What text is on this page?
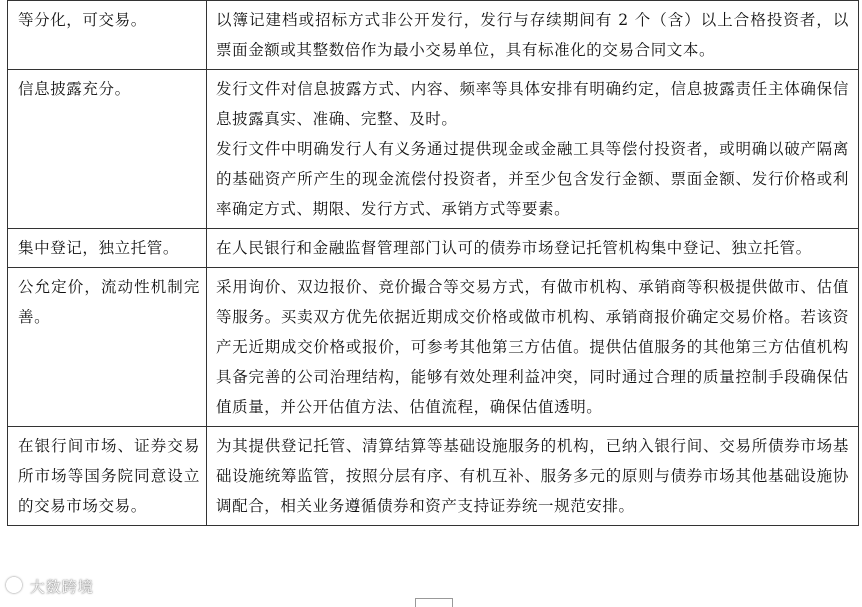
等分化，可交易。	以簿记建档或招标方式非公开发行，发行与存续期间有 2 个（含）以上合格投资者，以票面金额或其整数倍作为最小交易单位，具有标准化的交易合同文本。

信息披露充分。	发行文件对信息披露方式、内容、频率等具体安排有明确约定，信息披露责任主体确保信息披露真实、准确、完整、及时。

发行文件中明确发行人有义务通过提供现金或金融工具等偿付投资者，或明确以破产隔离的基础资产所产生的现金流偿付投资者，并至少包含发行金额、票面金额、发行价格或利率确定方式、期限、发行方式、承销方式等要素。

集中登记，独立托管。	在人民银行和金融监督管理部门认可的债券市场登记托管机构集中登记、独立托管。

公允定价，流动性机制完善。	采用询价、双边报价、竞价撮合等交易方式，有做市机构、承销商等积极提供做市、估值等服务。买卖双方优先依据近期成交价格或做市机构、承销商报价确定交易价格。若该资产无近期成交价格或报价，可参考其他第三方估值。提供估值服务的其他第三方估值机构具备完善的公司治理结构，能够有效处理利益冲突，同时通过合理的质量控制手段确保估值质量，并公开估值方法、估值流程，确保估值透明。

在银行间市场、证券交易所市场等国务院同意设立的交易市场交易。	为其提供登记托管、清算结算等基础设施服务的机构，已纳入银行间、交易所债券市场基础设施统筹监管，按照分层有序、有机互补、服务多元的原则与债券市场其他基础设施协调配合，相关业务遵循债券和资产支持证券统一规范安排。

大数跨境
